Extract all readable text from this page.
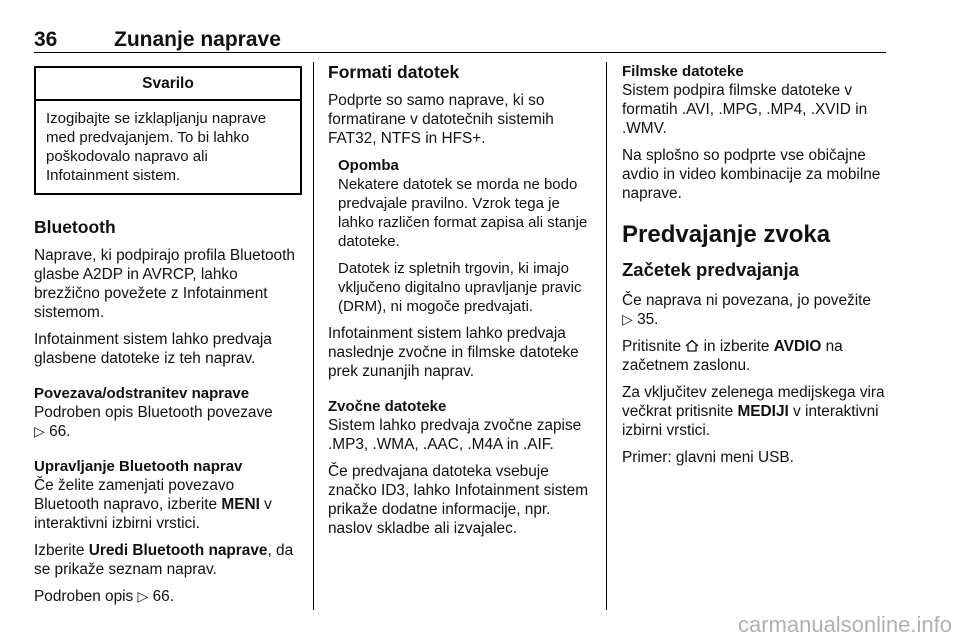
36	Zunanje naprave
Svarilo
Izogibajte se izklapljanju naprave med predvajanjem. To bi lahko poškodovalo napravo ali Infotainment sistem.
Bluetooth

Naprave, ki podpirajo profila Bluetooth glasbe A2DP in AVRCP, lahko brezžično povežete z Infotainment sistemom.

Infotainment sistem lahko predvaja glasbene datoteke iz teh naprav.

Povezava/odstranitev naprave

Podroben opis Bluetooth povezave
▷ 66.

Upravljanje Bluetooth naprav

Če želite zamenjati povezavo Bluetooth napravo, izberite MENI v interaktivni izbirni vrstici.

Izberite Uredi Bluetooth naprave, da se prikaže seznam naprav.

Podroben opis ▷ 66.

Formati datotek

Podprte so samo naprave, ki so formatirane v datotečnih sistemih FAT32, NTFS in HFS+.

Opomba

Nekatere datotek se morda ne bodo predvajale pravilno. Vzrok tega je lahko različen format zapisa ali stanje datoteke.

Datotek iz spletnih trgovin, ki imajo vključeno digitalno upravljanje pravic (DRM), ni mogoče predvajati.

Infotainment sistem lahko predvaja naslednje zvočne in filmske datoteke prek zunanjih naprav.

Zvočne datoteke

Sistem lahko predvaja zvočne zapise .MP3, .WMA, .AAC, .M4A in .AIF.

Če predvajana datoteka vsebuje značko ID3, lahko Infotainment sistem prikaže dodatne informacije, npr. naslov skladbe ali izvajalec.

Filmske datoteke

Sistem podpira filmske datoteke v formatih .AVI, .MPG, .MP4, .XVID in .WMV.

Na splošno so podprte vse običajne avdio in video kombinacije za mobilne naprave.

Predvajanje zvoka
Začetek predvajanja

Če naprava ni povezana, jo povežite
▷ 35.

Pritisnite  in izberite AVDIO na začetnem zaslonu.

Za vključitev zelenega medijskega vira večkrat pritisnite MEDIJI v interaktivni izbirni vrstici.

Primer: glavni meni USB.

carmanualsonline.info
